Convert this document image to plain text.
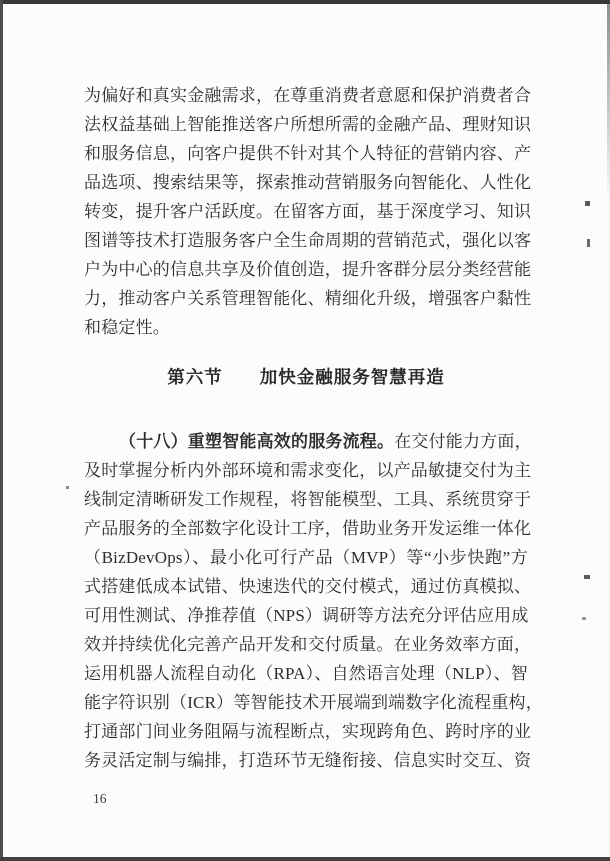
为偏好和真实金融需求，在尊重消费者意愿和保护消费者合
法权益基础上智能推送客户所想所需的金融产品、理财知识
和服务信息，向客户提供不针对其个人特征的营销内容、产
品选项、搜索结果等，探索推动营销服务向智能化、人性化
转变，提升客户活跃度。在留客方面，基于深度学习、知识
图谱等技术打造服务客户全生命周期的营销范式，强化以客
户为中心的信息共享及价值创造，提升客群分层分类经营能
力，推动客户关系管理智能化、精细化升级，增强客户黏性
和稳定性。
第六节　　加快金融服务智慧再造
（十八）重塑智能高效的服务流程。在交付能力方面，
及时掌握分析内外部环境和需求变化，以产品敏捷交付为主
线制定清晰研发工作规程，将智能模型、工具、系统贯穿于
产品服务的全部数字化设计工序，借助业务开发运维一体化
（BizDevOps）、最小化可行产品（MVP）等“小步快跑”方
式搭建低成本试错、快速迭代的交付模式，通过仿真模拟、
可用性测试、净推荐值（NPS）调研等方法充分评估应用成
效并持续优化完善产品开发和交付质量。在业务效率方面，
运用机器人流程自动化（RPA）、自然语言处理（NLP）、智
能字符识别（ICR）等智能技术开展端到端数字化流程重构，
打通部门间业务阻隔与流程断点，实现跨角色、跨时序的业
务灵活定制与编排，打造环节无缝衔接、信息实时交互、资
16
